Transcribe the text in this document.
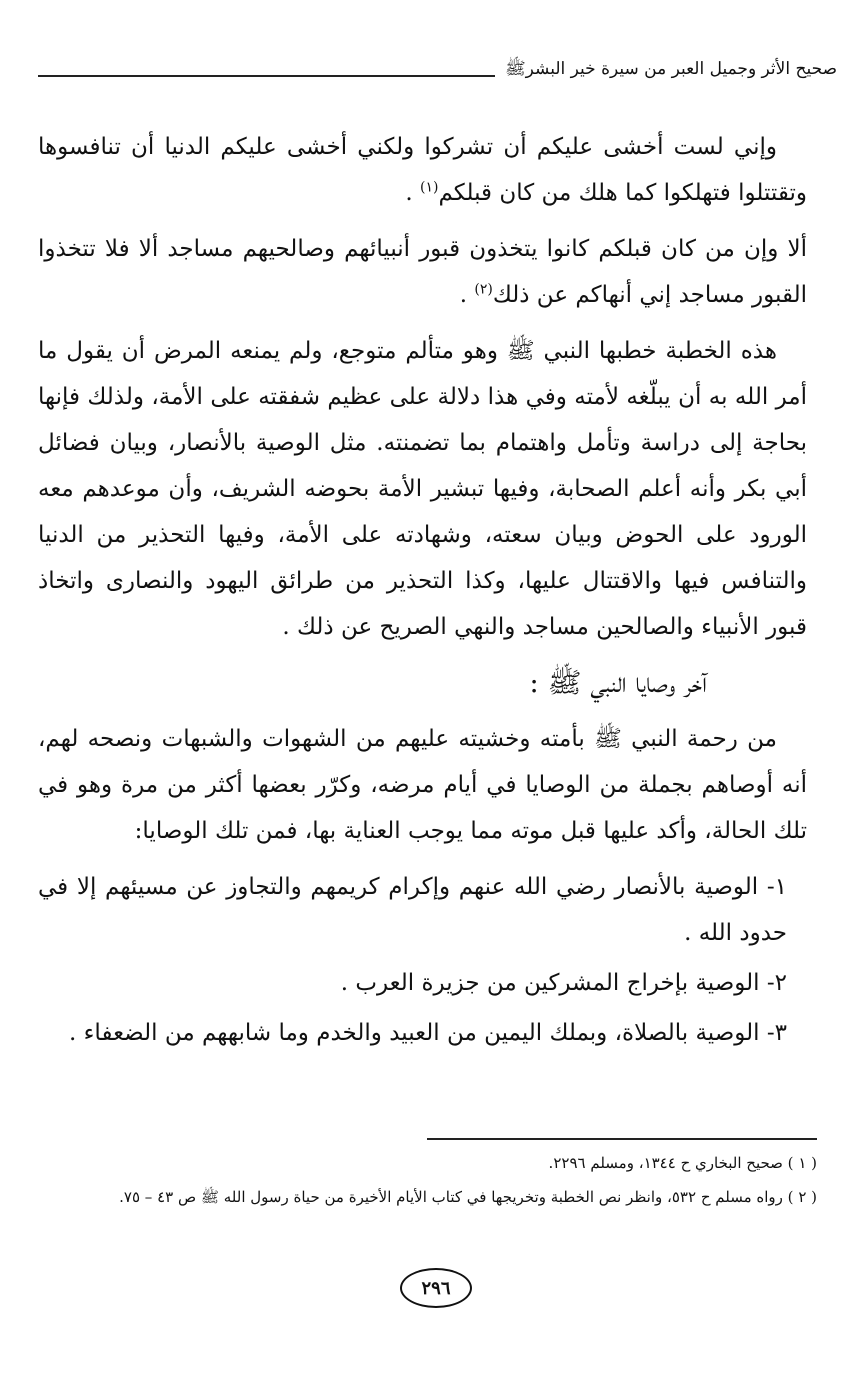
صحيح الأثر وجميل العبر من سيرة خير البشرﷺ

وإني لست أخشى عليكم أن تشركوا ولكني أخشى عليكم الدنيا أن تنافسوها وتقتتلوا فتهلكوا كما هلك من كان قبلكم$^{(١)}$ .

ألا وإن من كان قبلكم كانوا يتخذون قبور أنبيائهم وصالحيهم مساجد ألا فلا تتخذوا القبور مساجد إني أنهاكم عن ذلك$^{(٢)}$ .

هذه الخطبة خطبها النبي ﷺ وهو متألم متوجع، ولم يمنعه المرض أن يقول ما أمر الله به أن يبلّغه لأمته وفي هذا دلالة على عظيم شفقته على الأمة، ولذلك فإنها بحاجة إلى دراسة وتأمل واهتمام بما تضمنته. مثل الوصية بالأنصار، وبيان فضائل أبي بكر وأنه أعلم الصحابة، وفيها تبشير الأمة بحوضه الشريف، وأن موعدهم معه الورود على الحوض وبيان سعته، وشهادته على الأمة، وفيها التحذير من الدنيا والتنافس فيها والاقتتال عليها، وكذا التحذير من طرائق اليهود والنصارى واتخاذ قبور الأنبياء والصالحين مساجد والنهي الصريح عن ذلك .

آخر وصايا النبي ﷺ :

من رحمة النبي ﷺ بأمته وخشيته عليهم من الشهوات والشبهات ونصحه لهم، أنه أوصاهم بجملة من الوصايا في أيام مرضه، وكرّر بعضها أكثر من مرة وهو في تلك الحالة، وأكد عليها قبل موته مما يوجب العناية بها، فمن تلك الوصايا:

١- الوصية بالأنصار رضي الله عنهم وإكرام كريمهم والتجاوز عن مسيئهم إلا في حدود الله .
٢- الوصية بإخراج المشركين من جزيرة العرب .
٣- الوصية بالصلاة، وبملك اليمين من العبيد والخدم وما شابههم من الضعفاء .

( ١ ) صحيح البخاري ح ١٣٤٤، ومسلم ٢٢٩٦.

( ٢ ) رواه مسلم ح ٥٣٢، وانظر نص الخطبة وتخريجها في كتاب الأيام الأخيرة من حياة رسول الله ﷺ ص ٤٣ – ٧٥.

٢٩٦
